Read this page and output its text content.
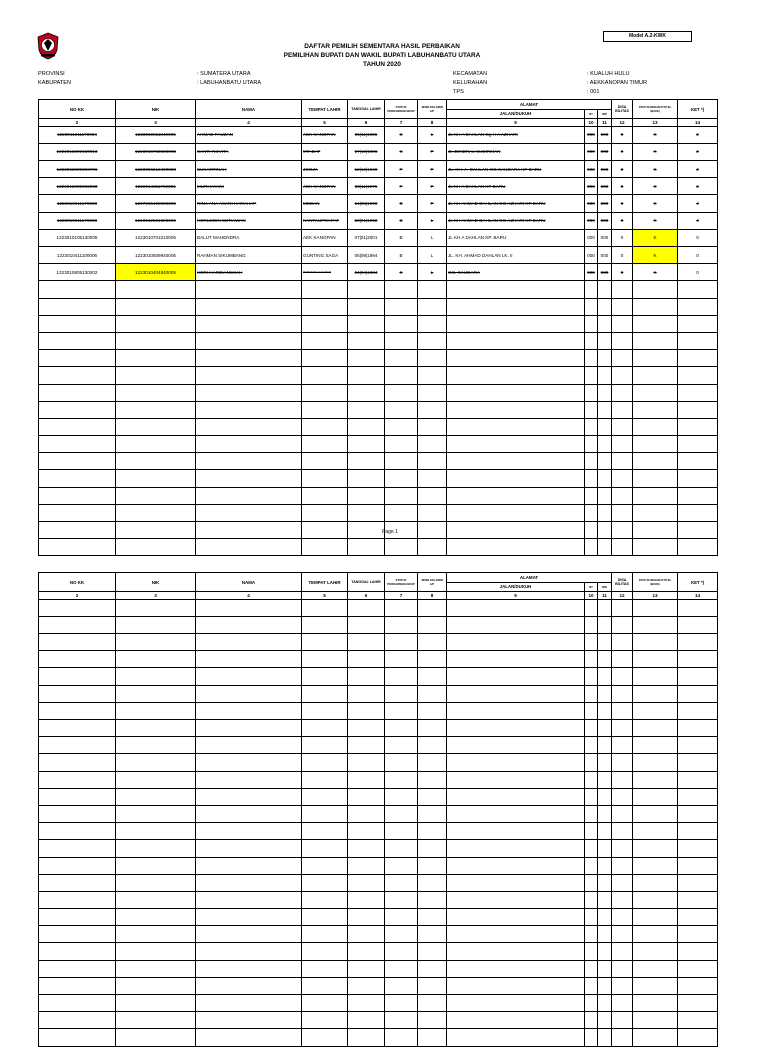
Model A.2-KWK
DAFTAR PEMILIH SEMENTARA HASIL PERBAIKAN
PEMILIHAN BUPATI DAN WAKIL BUPATI LABUHANBATU UTARA
TAHUN 2020
PROVINSI	: SUMATERA UTARA
KABUPATEN	: LABUHANBATU UTARA
KECAMATAN	: KUALUH HULU
KELURAHAN	: AEKKANOPAN TIMUR
TPS	: 001
NO KK	NIK	NAMA	TEMPAT LAHIR	TANGGAL LAHIR	STATUS PERKAWINAN B/S/P	JENIS KELAMIN L/P	ALAMAT			DISA BILITAS	STATUS REKAM KTP-EL (B/S/K)	KET *)
							JALAN/DUKUH	RT	RW			
2	3	4	5	6	7	8	9	10	11	12	13	14
1223011211170004	1223010811840005	AHMAD FAUZAN	AEK KANOPAN	05|11|1986	S	L	JL KH A DAHLAN Gg H A AZHARI	000	000	0	K	2
1223012202180013	1223016703860003	SANTI ROVITA	STABAT	27|10|1986	S	P	JL JENDRAL SUDIRMAN	000	000	0	K	2
1223062005090706	1223056212490003	SUKARTINAH	JOGJA	12|12|1949	P	P	JL. KH. A. DAHLAN GG SAUDARA KP BARU	000	000	0	K	2
1223012005092903	1223014311760001	MURHAYANI	AEK KANOPAN	03|11|1976	P	P	JL KH A DAHLAN KP BARU	000	000	0	K	2
1223010611170003	1207265408900006	RINA ANA ASARI HARAHAP	MEDAN	14|08|1990	S	P	JL KH AHMAD DAHLAN GG AZHARI KP BARU	000	000	0	K	4
1223010611170003	1210012801920006	HERLODIN SETIAWAN	KANTAUPRAPAT	28|01|1992	S	L	JL KH AHMAD DAHLAN GG AZHARI KP BARU	000	000	0	K	4
1223010105130005	1223010701010005	BALUT MAHENDRA	AEK KANOPAN	07|01|2001	B	L	JL KH A DAHLAN KP. BARU	000	000	0	K	0
1223010411100006	1223010509940006	RAHMAN SIKUMBANG	GUNTING SAGA	05|09|1994	B	L	JL. KH. AHMAD DAHLAN LK. II	000	000	0	K	0
1223010805130002	1223010404840005	HERI HARDIANSSAH	PEMATANG SIANTAR	04|04|1984	S	L	GG. SAUDARA	000	000	0	K	0

Page 1
NO KK	NIK	NAMA	TEMPAT LAHIR	TANGGAL LAHIR	STATUS PERKAWINAN B/S/P	JENIS KELAMIN L/P	ALAMAT			DISA BILITAS	STATUS REKAM KTP-EL (B/S/K)	KET *)
							JALAN/DUKUH	RT	RW			
2	3	4	5	6	7	8	9	10	11	12	13	14
